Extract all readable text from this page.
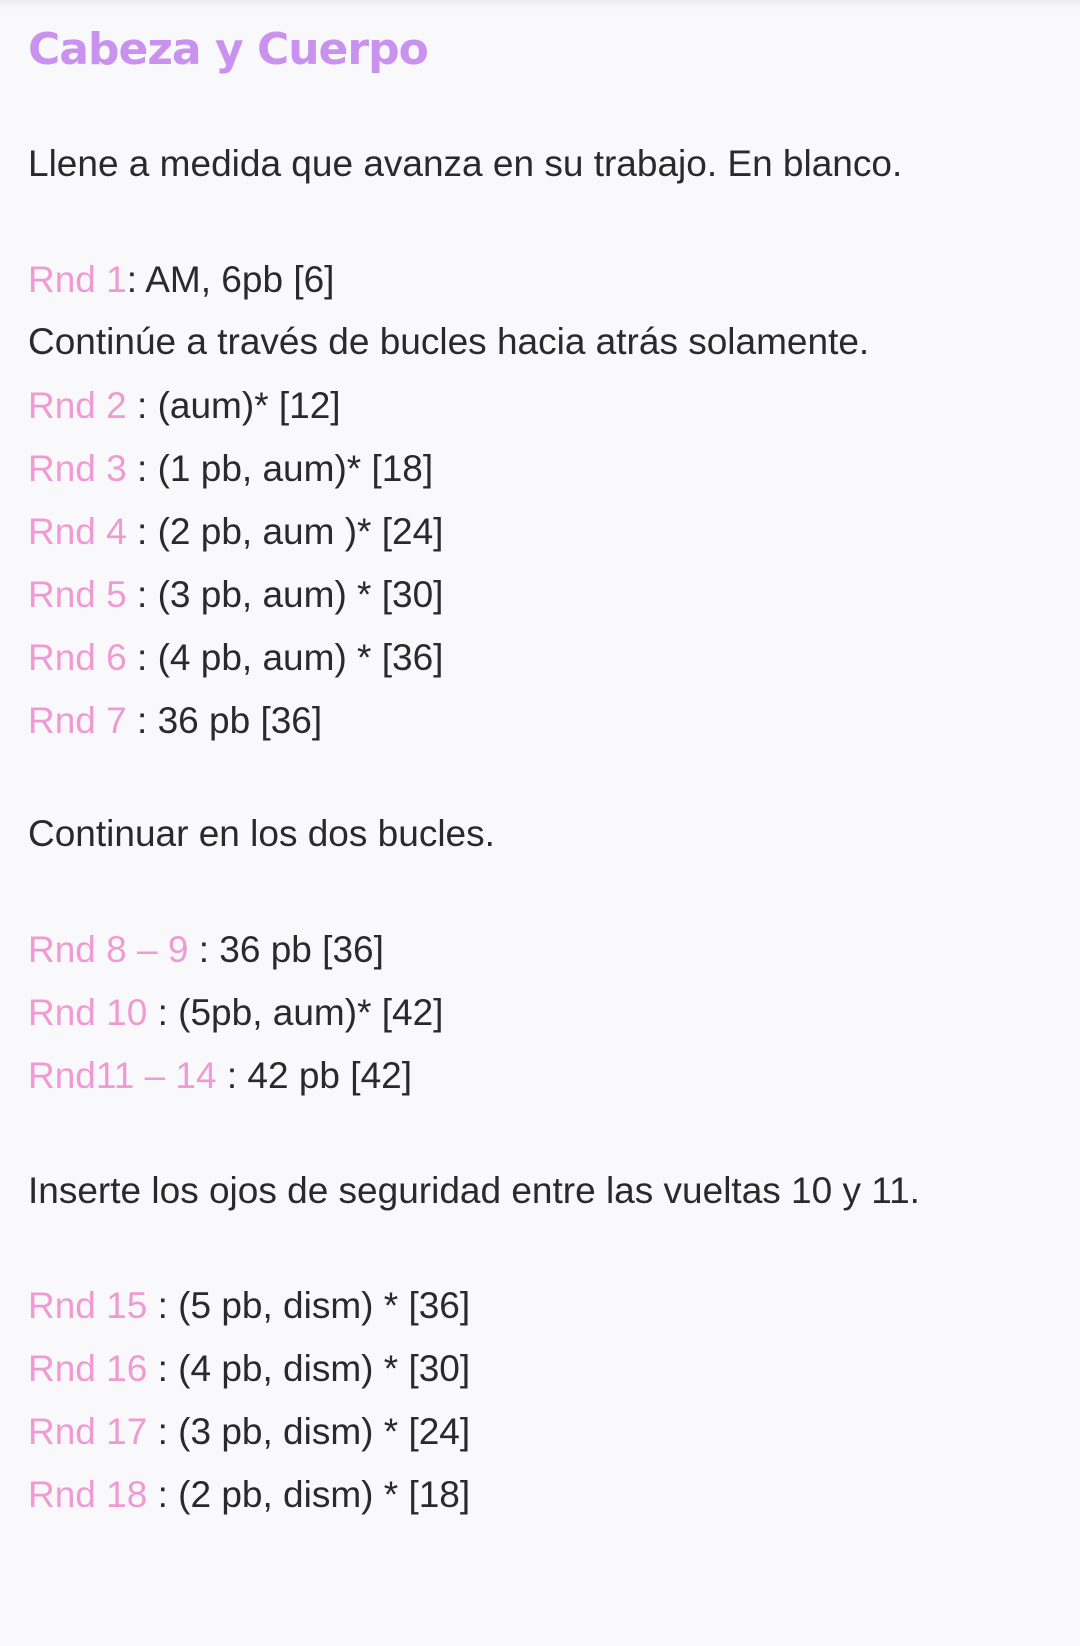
Cabeza y Cuerpo
Llene a medida que avanza en su trabajo. En blanco.
Rnd 1: AM, 6pb [6]
Continúe a través de bucles hacia atrás solamente.
Rnd 2 : (aum)* [12]
Rnd 3 : (1 pb, aum)* [18]
Rnd 4 : (2 pb, aum )* [24]
Rnd 5 : (3 pb, aum) * [30]
Rnd 6 : (4 pb, aum) * [36]
Rnd 7 : 36 pb [36]
Continuar en los dos bucles.
Rnd 8 – 9 : 36 pb [36]
Rnd 10 : (5pb, aum)* [42]
Rnd11 – 14 : 42 pb [42]
Inserte los ojos de seguridad entre las vueltas 10 y 11.
Rnd 15 : (5 pb, dism) * [36]
Rnd 16 : (4 pb, dism) * [30]
Rnd 17 : (3 pb, dism) * [24]
Rnd 18 : (2 pb, dism) * [18]
